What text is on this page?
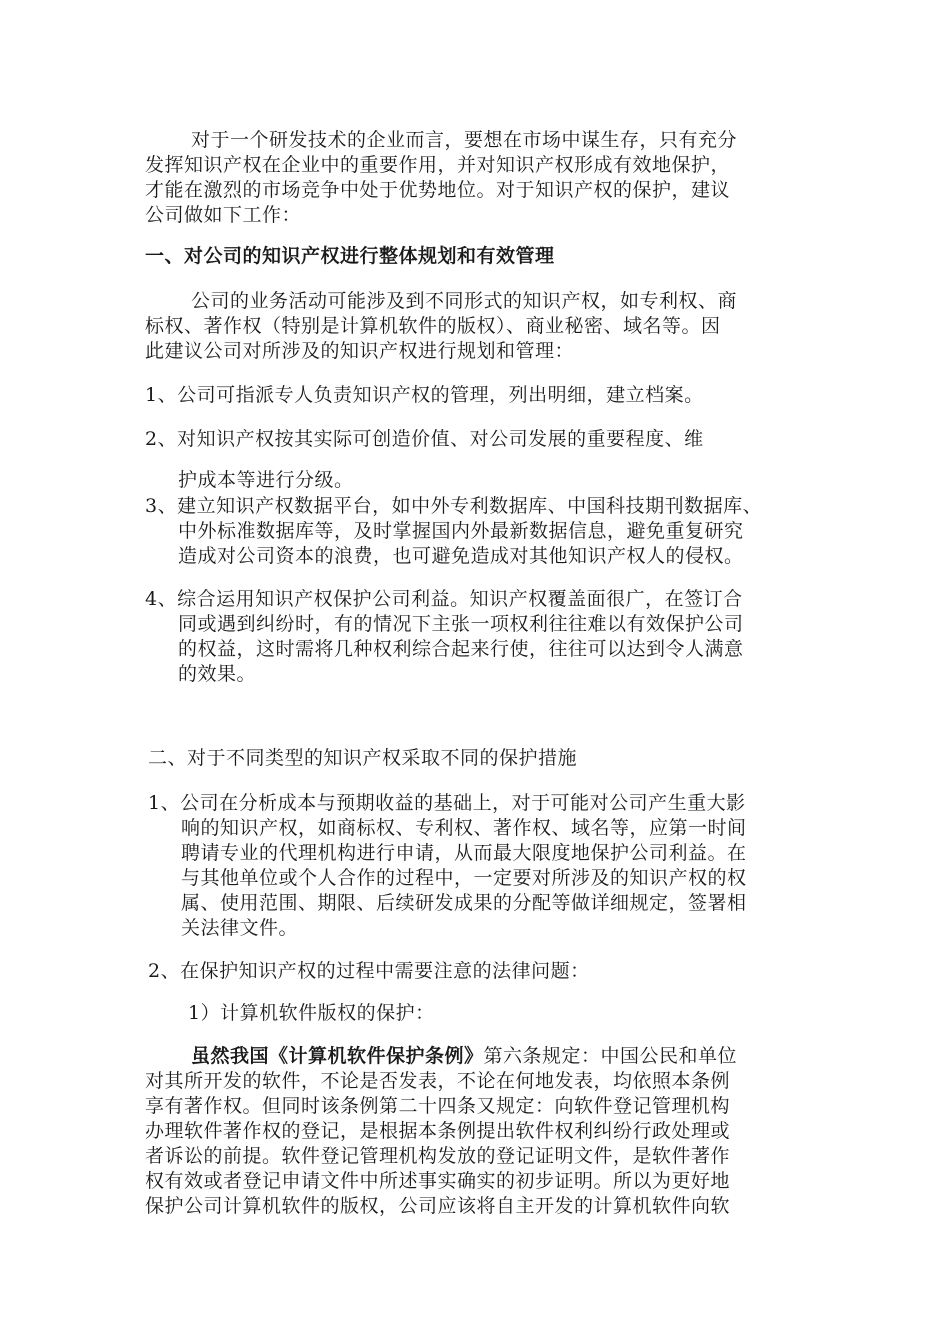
对于一个研发技术的企业而言，要想在市场中谋生存，只有充分
发挥知识产权在企业中的重要作用，并对知识产权形成有效地保护，
才能在激烈的市场竞争中处于优势地位。对于知识产权的保护，建议
公司做如下工作：
一、对公司的知识产权进行整体规划和有效管理
公司的业务活动可能涉及到不同形式的知识产权，如专利权、商
标权、著作权（特别是计算机软件的版权）、商业秘密、域名等。因
此建议公司对所涉及的知识产权进行规划和管理：
1、公司可指派专人负责知识产权的管理，列出明细，建立档案。
2、对知识产权按其实际可创造价值、对公司发展的重要程度、维
护成本等进行分级。
3、建立知识产权数据平台，如中外专利数据库、中国科技期刊数据库、
中外标准数据库等，及时掌握国内外最新数据信息，避免重复研究
造成对公司资本的浪费，也可避免造成对其他知识产权人的侵权。
4、综合运用知识产权保护公司利益。知识产权覆盖面很广，在签订合
同或遇到纠纷时，有的情况下主张一项权利往往难以有效保护公司
的权益，这时需将几种权利综合起来行使，往往可以达到令人满意
的效果。
二、对于不同类型的知识产权采取不同的保护措施
1、公司在分析成本与预期收益的基础上，对于可能对公司产生重大影
响的知识产权，如商标权、专利权、著作权、域名等，应第一时间
聘请专业的代理机构进行申请，从而最大限度地保护公司利益。在
与其他单位或个人合作的过程中，一定要对所涉及的知识产权的权
属、使用范围、期限、后续研发成果的分配等做详细规定，签署相
关法律文件。
2、在保护知识产权的过程中需要注意的法律问题：
1）计算机软件版权的保护：
虽然我国《计算机软件保护条例》第六条规定：中国公民和单位
对其所开发的软件，不论是否发表，不论在何地发表，均依照本条例
享有著作权。但同时该条例第二十四条又规定：向软件登记管理机构
办理软件著作权的登记，是根据本条例提出软件权利纠纷行政处理或
者诉讼的前提。软件登记管理机构发放的登记证明文件，是软件著作
权有效或者登记申请文件中所述事实确实的初步证明。所以为更好地
保护公司计算机软件的版权，公司应该将自主开发的计算机软件向软
